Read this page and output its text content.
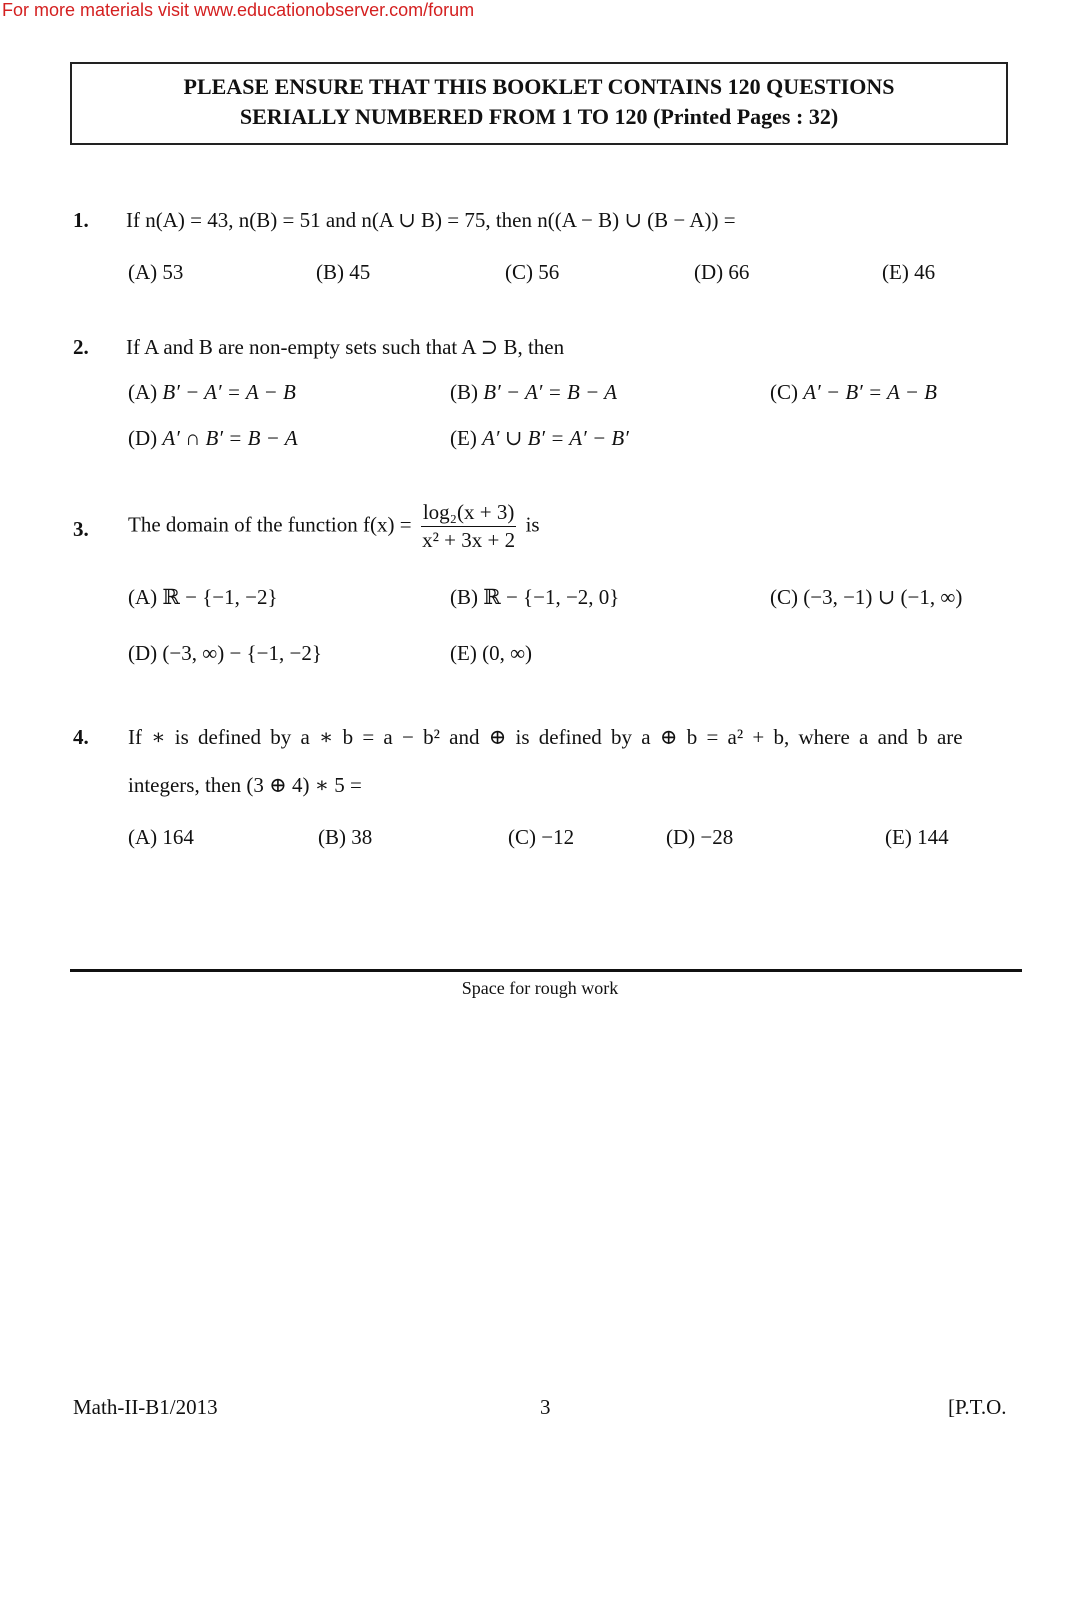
For more materials visit www.educationobserver.com/forum
PLEASE ENSURE THAT THIS BOOKLET CONTAINS 120 QUESTIONS
SERIALLY NUMBERED FROM 1 TO 120 (Printed Pages : 32)
1. If n(A) = 43, n(B) = 51 and n(A ∪ B) = 75, then n((A − B) ∪ (B − A)) =
(A) 53	(B) 45	(C) 56	(D) 66	(E) 46
2. If A and B are non-empty sets such that A ⊃ B, then
(A) B′ − A′ = A − B	(B) B′ − A′ = B − A	(C) A′ − B′ = A − B
(D) A′ ∩ B′ = B − A	(E) A′ ∪ B′ = A′ − B′
3. The domain of the function $f(x) = \frac{\text{log₂(x + 3)}}{\text{x² + 3x + 2}}$ is
(A) ℝ − {−1, −2}	(B) ℝ − {−1, −2, 0}	(C) (−3, −1) ∪ (−1, ∞)
(D) (−3, ∞) − {−1, −2}	(E) (0, ∞)
4. If ∗ is defined by a ∗ b = a − b² and ⊕ is defined by a ⊕ b = a² + b, where a and b are
integers, then (3 ⊕ 4) ∗ 5 =
(A) 164	(B) 38	(C) −12	(D) −28	(E) 144
Space for rough work
Math-II-B1/2013	3	[P.T.O.
